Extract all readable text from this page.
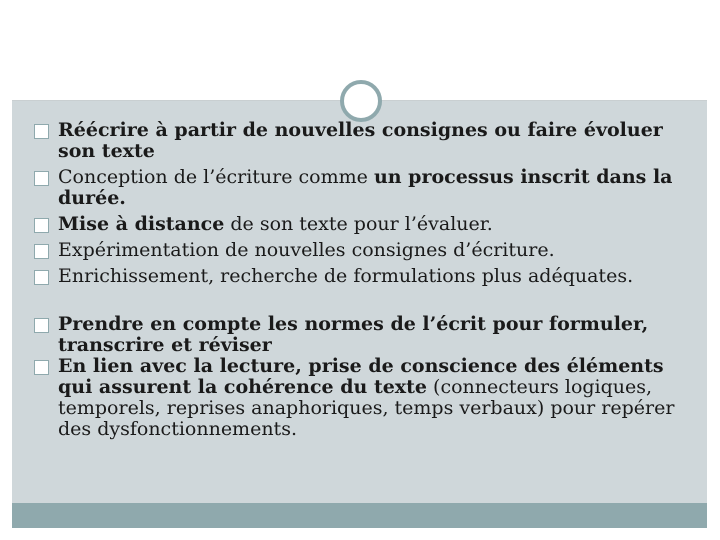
Réécrire à partir de nouvelles consignes ou faire évoluer son texte
Conception de l’écriture comme un processus inscrit dans la durée.
Mise à distance de son texte pour l’évaluer.
Expérimentation de nouvelles consignes d’écriture.
Enrichissement, recherche de formulations plus adéquates.
Prendre en compte les normes de l’écrit pour formuler, transcrire et réviser
En lien avec la lecture, prise de conscience des éléments qui assurent la cohérence du texte (connecteurs logiques, temporels, reprises anaphoriques, temps verbaux) pour repérer des dysfonctionnements.
